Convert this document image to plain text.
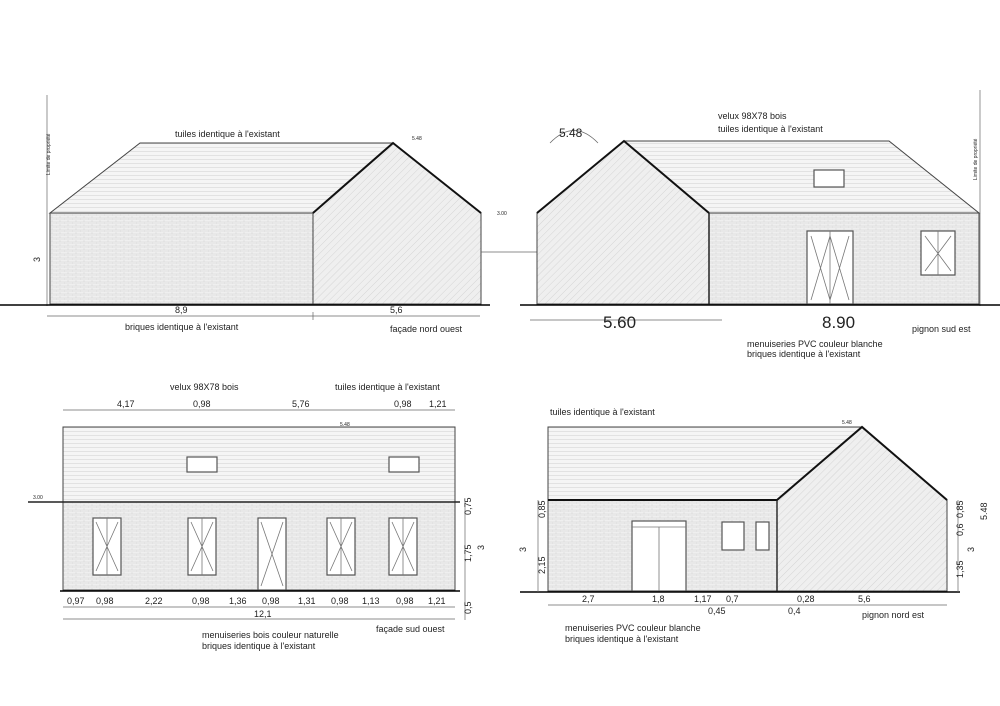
Limite de propriété	tuiles identique à l'existant	5.48
3.00
3
8,9	5,6
briques identique à l'existant	façade nord ouest
Limite de propriété
5.48
velux 98X78 bois
tuiles identique à l'existant
5.60	8.90	pignon sud est
menuiseries PVC couleur blanche
briques identique à l'existant
velux 98X78 bois	tuiles identique à l'existant
4,17	0,98	5,76	0,98 1,21
5.48
3.00
0,97 0,98	2,22	0,98 1,36 0,98 1,31 0,98 1,13 0,98 1,21
12,1
0,75
1,75 3
0,5
façade sud ouest
menuiseries bois couleur naturelle
briques identique à l'existant
tuiles identique à l'existant
5.48
2,7	1,8	1,17 0,7
0,45	0,4
0,28	5,6
pignon nord est
0,85
3
2,15
0,85
0,6
3
1,35
5.48
menuiseries PVC couleur blanche
briques identique à l'existant
